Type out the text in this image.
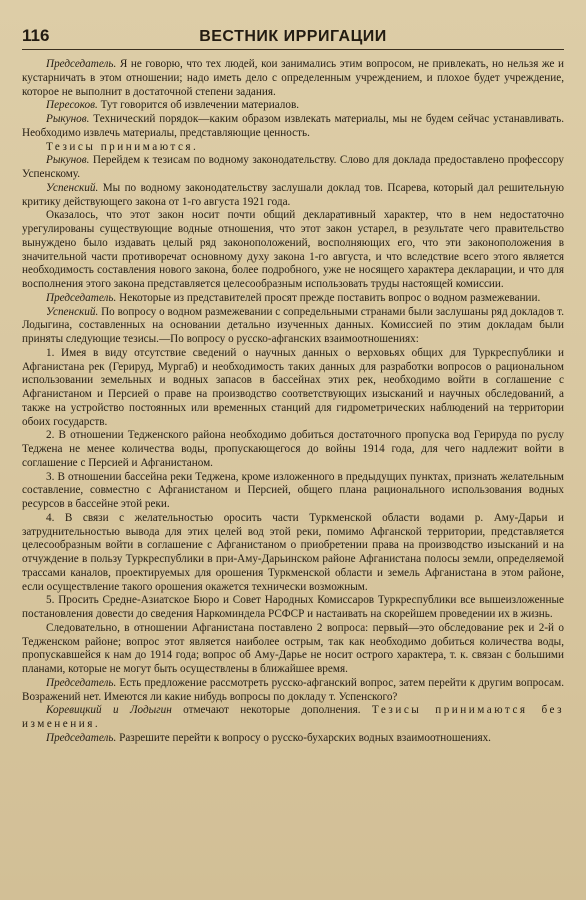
116	ВЕСТНИК ИРРИГАЦИИ

Председатель. Я не говорю, что тех людей, кои занимались этим вопросом, не привлекать, но нельзя же и кустарничать в этом отношении; надо иметь дело с определенным учреждением, и плохое будет учреждение, которое не выполнит в достаточной степени задания.

Пересоков. Тут говорится об извлечении материалов.

Рыкунов. Технический порядок—каким образом извлекать материалы, мы не будем сейчас устанавливать. Необходимо извлечь материалы, представляющие ценность.

Тезисы принимаются.

Рыкунов. Перейдем к тезисам по водному законодательству. Слово для доклада предоставлено профессору Успенскому.

Успенский. Мы по водному законодательству заслушали доклад тов. Псарева, который дал решительную критику действующего закона от 1-го августа 1921 года.

Оказалось, что этот закон носит почти общий декларативный характер, что в нем недостаточно урегулированы существующие водные отношения, что этот закон устарел, в результате чего правительство вынуждено было издавать целый ряд законоположений, восполняющих его, что эти законоположения в значительной части противоречат основному духу закона 1-го августа, и что вследствие всего этого является необходимость составления нового закона, более подробного, уже не носящего характера декларации, и что для восполнения этого закона представляется целесообразным использовать труды настоящей комиссии.

Председатель. Некоторые из представителей просят прежде поставить вопрос о водном размежевании.

Успенский. По вопросу о водном размежевании с сопредельными странами были заслушаны ряд докладов т. Лодыгина, составленных на основании детально изученных данных. Комиссией по этим докладам были приняты следующие тезисы.—По вопросу о русско-афганских взаимоотношениях:

1. Имея в виду отсутствие сведений о научных данных о верховьях общих для Туркреспублики и Афганистана рек (Герируд, Мургаб) и необходимость таких данных для разработки вопросов о рациональном использовании земельных и водных запасов в бассейнах этих рек, необходимо войти в соглашение с Афганистаном и Персией о праве на производство соответствующих изысканий и научных обследований, а также на устройство постоянных или временных станций для гидрометрических наблюдений на территории обоих государств.

2. В отношении Тедженского района необходимо добиться достаточного пропуска вод Герируда по руслу Теджена не менее количества воды, пропускающегося до войны 1914 года, для чего надлежит войти в соглашение с Персией и Афганистаном.

3. В отношении бассейна реки Теджена, кроме изложенного в предыдущих пунктах, признать желательным составление, совместно с Афганистаном и Персией, общего плана рационального использования водных ресурсов в бассейне этой реки.

4. В связи с желательностью оросить части Туркменской области водами р. Аму-Дарьи и затруднительностью вывода для этих целей вод этой реки, помимо Афганской территории, представляется целесообразным войти в соглашение с Афганистаном о приобретении права на производство изысканий и на отчуждение в пользу Туркреспублики в при-Аму-Дарьинском районе Афганистана полосы земли, определяемой трассами каналов, проектируемых для орошения Туркменской области и земель Афганистана в этом районе, если осуществление такого орошения окажется технически возможным.

5. Просить Средне-Азиатское Бюро и Совет Народных Комиссаров Туркреспублики все вышеизложенные постановления довести до сведения Наркоминдела РСФСР и настаивать на скорейшем проведении их в жизнь.

Следовательно, в отношении Афганистана поставлено 2 вопроса: первый—это обследование рек и 2-й о Тедженском районе; вопрос этот является наиболее острым, так как необходимо добиться количества воды, пропускавшейся к нам до 1914 года; вопрос об Аму-Дарье не носит острого характера, т. к. связан с большими планами, которые не могут быть осуществлены в ближайшее время.

Председатель. Есть предложение рассмотреть русско-афганский вопрос, затем перейти к другим вопросам. Возражений нет. Имеются ли какие нибудь вопросы по докладу т. Успенского?

Коревицкий и Лодыгин отмечают некоторые дополнения. Тезисы принимаются без изменения.

Председатель. Разрешите перейти к вопросу о русско-бухарских водных взаимоотношениях.
